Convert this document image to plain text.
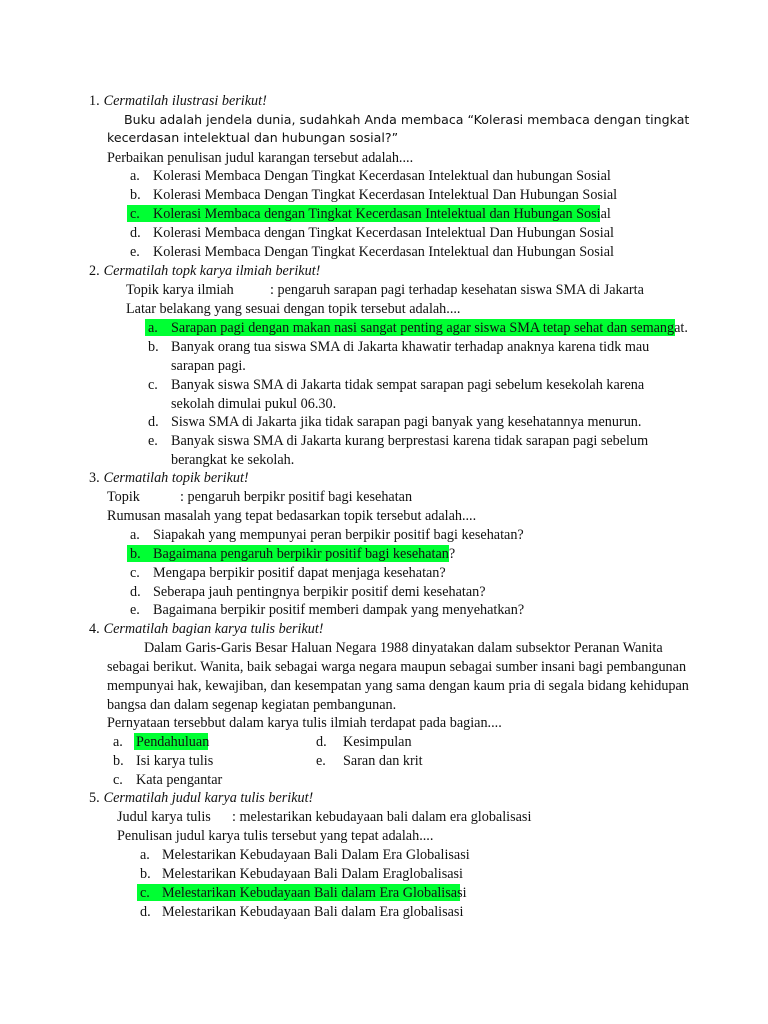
1. Cermatilah ilustrasi berikut!
Buku adalah jendela dunia, sudahkah Anda membaca “Kolerasi membaca dengan tingkat
kecerdasan intelektual dan hubungan sosial?”
Perbaikan penulisan judul karangan tersebut adalah....
a. Kolerasi Membaca Dengan Tingkat Kecerdasan Intelektual dan hubungan Sosial
b. Kolerasi Membaca Dengan Tingkat Kecerdasan Intelektual Dan Hubungan Sosial
c. Kolerasi Membaca dengan Tingkat Kecerdasan Intelektual dan Hubungan Sosial
d. Kolerasi Membaca dengan Tingkat Kecerdasan Intelektual Dan Hubungan Sosial
e. Kolerasi Membaca Dengan Tingkat Kecerdasan Intelektual dan Hubungan Sosial
2. Cermatilah topk karya ilmiah berikut!
Topik karya ilmiah	: pengaruh sarapan pagi terhadap kesehatan siswa SMA di Jakarta
Latar belakang yang sesuai dengan topik tersebut adalah....
a. Sarapan pagi dengan makan nasi sangat penting agar siswa SMA tetap sehat dan semangat.
b. Banyak orang tua siswa SMA di Jakarta khawatir terhadap anaknya karena tidk mau
sarapan pagi.
c. Banyak siswa SMA di Jakarta tidak sempat sarapan pagi sebelum kesekolah karena
sekolah dimulai pukul 06.30.
d. Siswa SMA di Jakarta jika tidak sarapan pagi banyak yang kesehatannya menurun.
e. Banyak siswa SMA di Jakarta kurang berprestasi karena tidak sarapan pagi sebelum
berangkat ke sekolah.
3. Cermatilah topik berikut!
Topik	: pengaruh berpikr positif bagi kesehatan
Rumusan masalah yang tepat bedasarkan topik tersebut adalah....
a. Siapakah yang mempunyai peran berpikir positif bagi kesehatan?
b. Bagaimana pengaruh berpikir positif bagi kesehatan?
c. Mengapa berpikir positif dapat menjaga kesehatan?
d. Seberapa jauh pentingnya berpikir positif demi kesehatan?
e. Bagaimana berpikir positif memberi dampak yang menyehatkan?
4. Cermatilah bagian karya tulis berikut!
Dalam Garis-Garis Besar Haluan Negara 1988 dinyatakan dalam subsektor Peranan Wanita
sebagai berikut. Wanita, baik sebagai warga negara maupun sebagai sumber insani bagi pembangunan
mempunyai hak, kewajiban, dan kesempatan yang sama dengan kaum pria di segala bidang kehidupan
bangsa dan dalam segenap kegiatan pembangunan.
Pernyataan tersebbut dalam karya tulis ilmiah terdapat pada bagian....
a. Pendahuluan
b. Isi karya tulis
c. Kata pengantar
d. Kesimpulan
e. Saran dan krit
5. Cermatilah judul karya tulis berikut!
Judul karya tulis : melestarikan kebudayaan bali dalam era globalisasi
Penulisan judul karya tulis tersebut yang tepat adalah....
a. Melestarikan Kebudayaan Bali Dalam Era Globalisasi
b. Melestarikan Kebudayaan Bali Dalam Eraglobalisasi
c. Melestarikan Kebudayaan Bali dalam Era Globalisasi
d. Melestarikan Kebudayaan Bali dalam Era globalisasi
